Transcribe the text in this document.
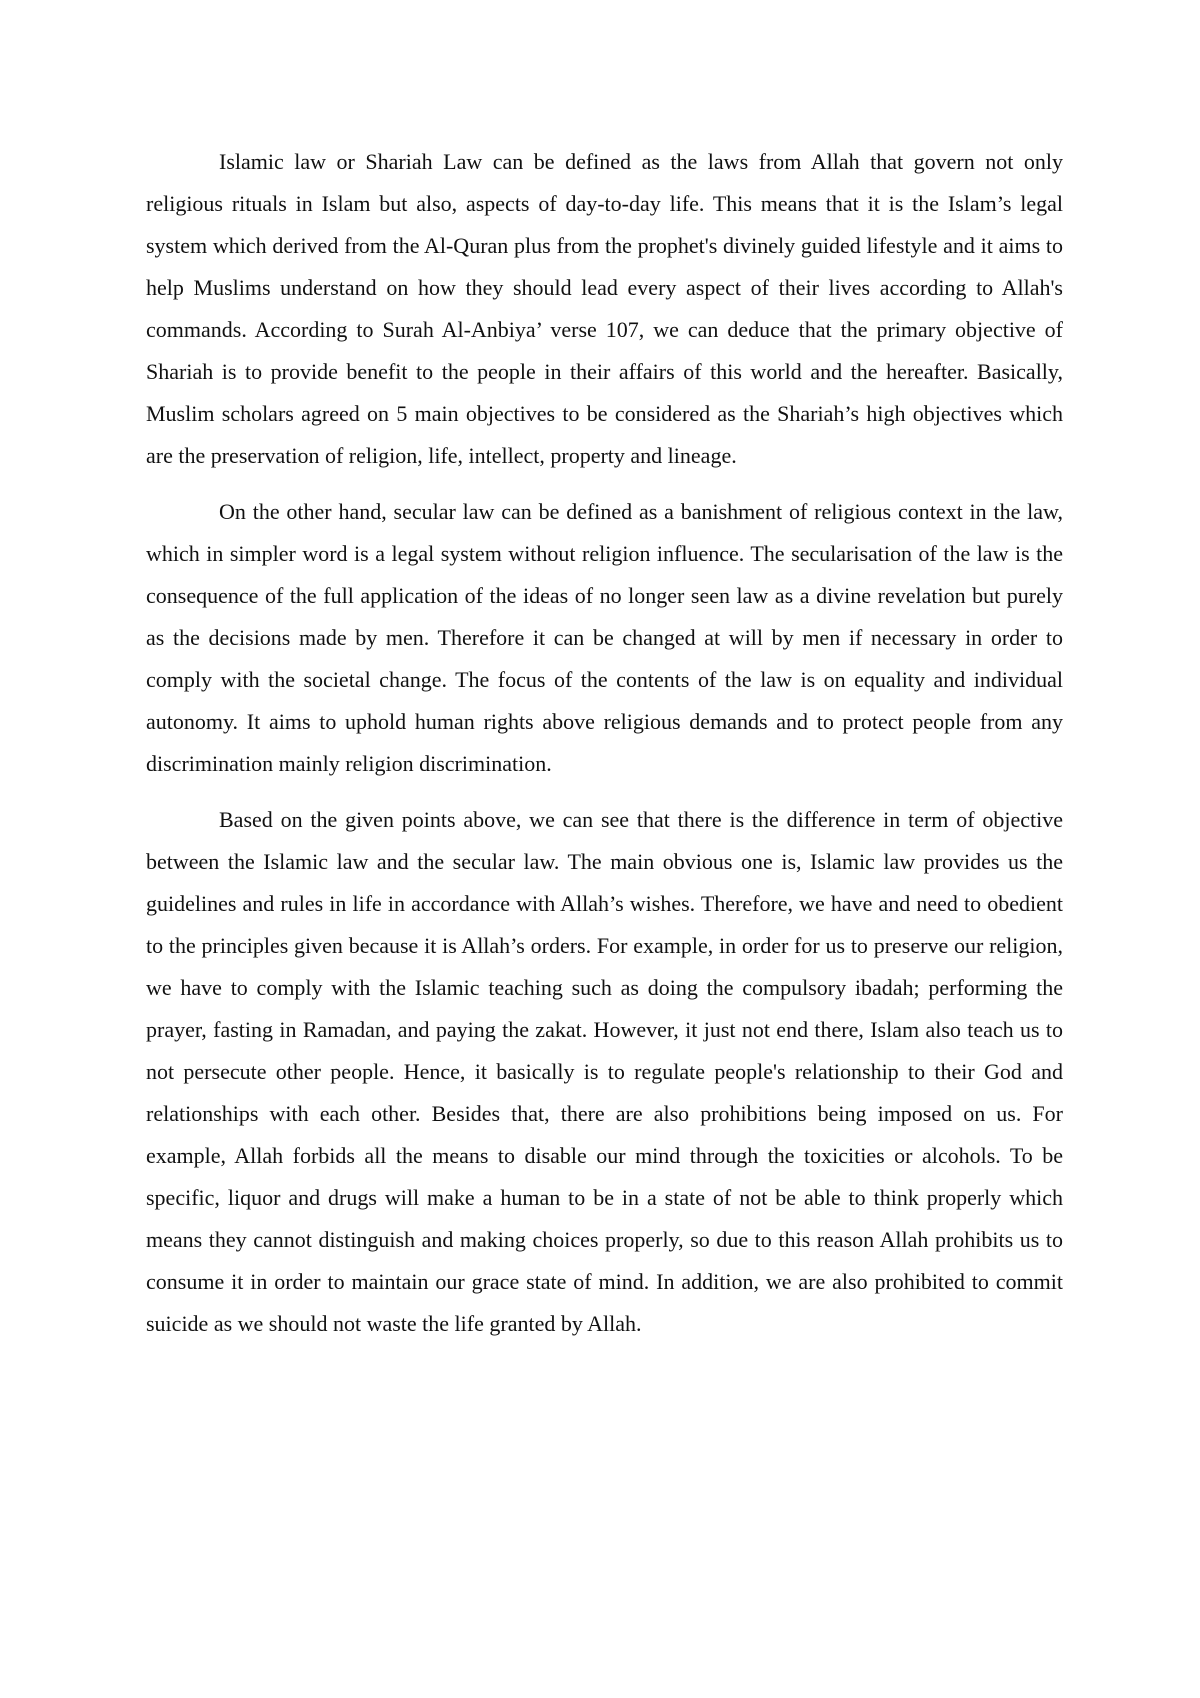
Islamic law or Shariah Law can be defined as the laws from Allah that govern not only religious rituals in Islam but also, aspects of day-to-day life. This means that it is the Islam’s legal system which derived from the Al-Quran plus from the prophet's divinely guided lifestyle and it aims to help Muslims understand on how they should lead every aspect of their lives according to Allah's commands. According to Surah Al-Anbiya’ verse 107, we can deduce that the primary objective of Shariah is to provide benefit to the people in their affairs of this world and the hereafter. Basically, Muslim scholars agreed on 5 main objectives to be considered as the Shariah’s high objectives which are the preservation of religion, life, intellect, property and lineage.

On the other hand, secular law can be defined as a banishment of religious context in the law, which in simpler word is a legal system without religion influence. The secularisation of the law is the consequence of the full application of the ideas of no longer seen law as a divine revelation but purely as the decisions made by men. Therefore it can be changed at will by men if necessary in order to comply with the societal change. The focus of the contents of the law is on equality and individual autonomy. It aims to uphold human rights above religious demands and to protect people from any discrimination mainly religion discrimination.

Based on the given points above, we can see that there is the difference in term of objective between the Islamic law and the secular law. The main obvious one is, Islamic law provides us the guidelines and rules in life in accordance with Allah’s wishes. Therefore, we have and need to obedient to the principles given because it is Allah’s orders. For example, in order for us to preserve our religion, we have to comply with the Islamic teaching such as doing the compulsory ibadah; performing the prayer, fasting in Ramadan, and paying the zakat. However, it just not end there, Islam also teach us to not persecute other people. Hence, it basically is to regulate people's relationship to their God and relationships with each other. Besides that, there are also prohibitions being imposed on us. For example, Allah forbids all the means to disable our mind through the toxicities or alcohols. To be specific, liquor and drugs will make a human to be in a state of not be able to think properly which means they cannot distinguish and making choices properly, so due to this reason Allah prohibits us to consume it in order to maintain our grace state of mind. In addition, we are also prohibited to commit suicide as we should not waste the life granted by Allah.
